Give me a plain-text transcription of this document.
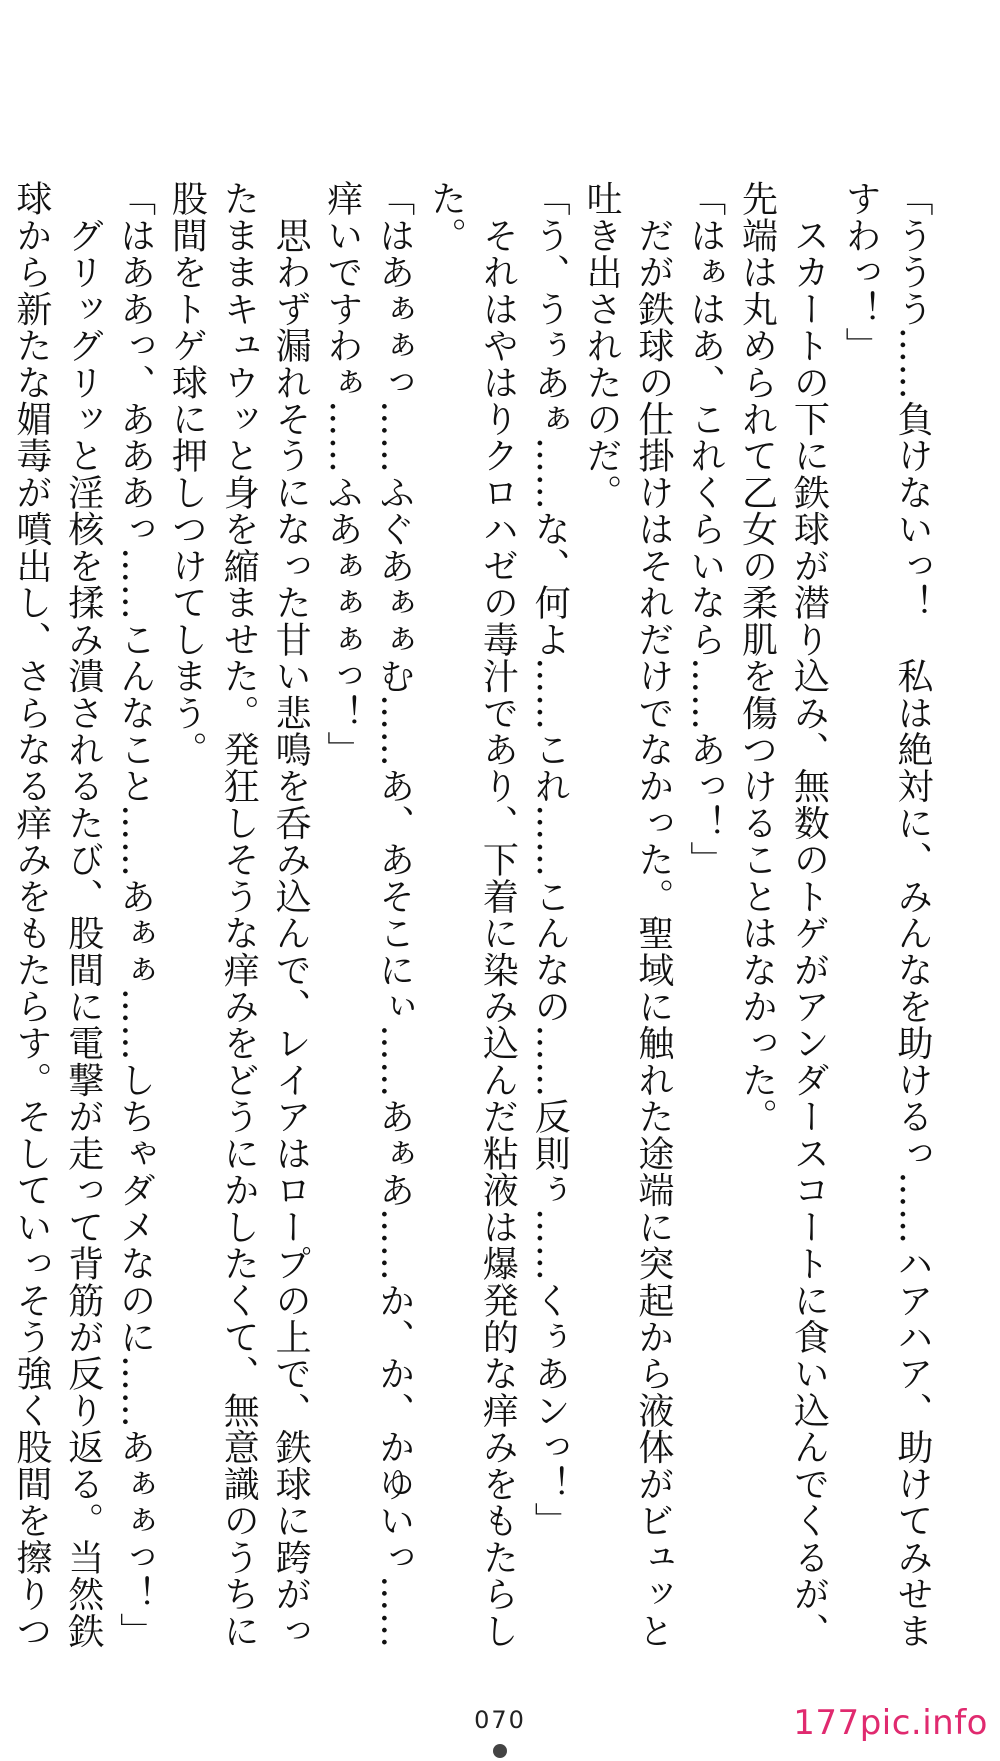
「ううう……負けないっ！　私は絶対に、みんなを助けるっ……ハアハア、助けてみせま
すわっ！」
　スカートの下に鉄球が潜り込み、無数のトゲがアンダースコートに食い込んでくるが、
先端は丸められて乙女の柔肌を傷つけることはなかった。
「はぁはあ、これくらいなら……あっ！」
　だが鉄球の仕掛けはそれだけでなかった。聖域に触れた途端に突起から液体がビュッと
吐き出されたのだ。
「う、うぅあぁ……な、何よ……これ……こんなの……反則ぅ……くぅあンっ！」
　それはやはりクロハゼの毒汁であり、下着に染み込んだ粘液は爆発的な痒みをもたらし
た。
「はあぁぁっ……ふぐあぁぁむ……あ、あそこにぃ……あぁあ……か、か、かゆいっ……
痒いですわぁ……ふあぁぁぁっ！」
　思わず漏れそうになった甘い悲鳴を呑み込んで、レイアはロープの上で、鉄球に跨がっ
たままキュウッと身を縮ませた。発狂しそうな痒みをどうにかしたくて、無意識のうちに
股間をトゲ球に押しつけてしまう。
「はああっ、あああっ……こんなこと……あぁぁ……しちゃダメなのに……あぁぁっ！」
　グリッグリッと淫核を揉み潰されるたび、股間に電撃が走って背筋が反り返る。当然鉄
球から新たな媚毒が噴出し、さらなる痒みをもたらす。そしていっそう強く股間を擦りつ
070	177pic.info
